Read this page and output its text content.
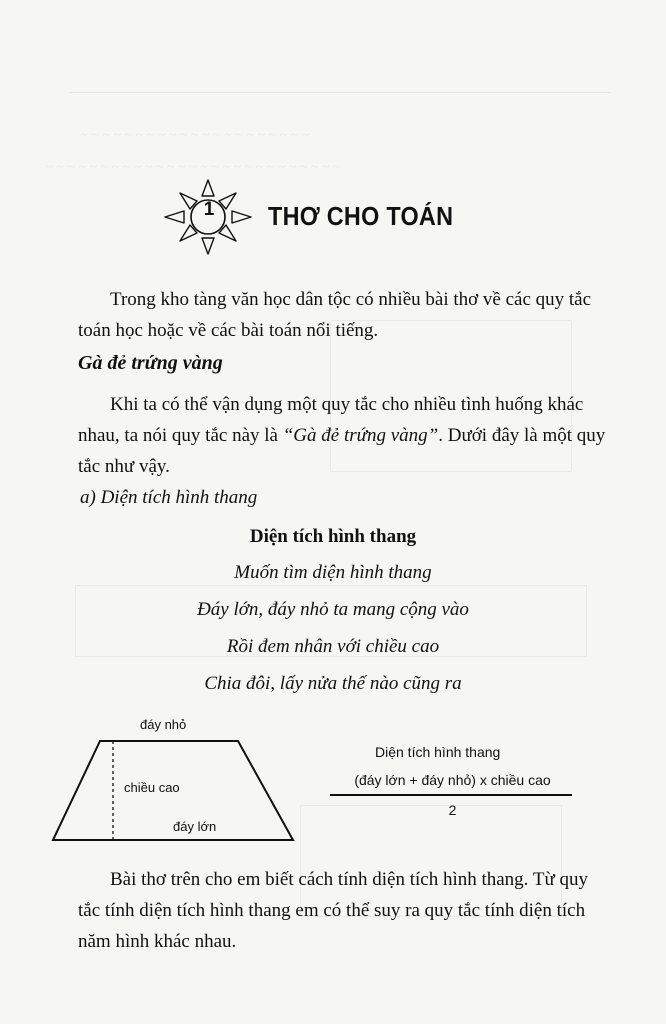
~ ~ ~ ~ ~ ~ ~ ~ ~ ~ ~ ~ ~ ~ ~ ~ ~ ~ ~ ~ ~
~ ~ ~ ~ ~ ~ ~ ~ ~ ~ ~ ~ ~ ~ ~ ~ ~ ~ ~ ~ ~ ~ ~ ~ ~ ~ ~
1	THƠ CHO TOÁN

Trong kho tàng văn học dân tộc có nhiều bài thơ về các quy tắc toán học hoặc về các bài toán nổi tiếng.

Gà đẻ trứng vàng

Khi ta có thể vận dụng một quy tắc cho nhiều tình huống khác nhau, ta nói quy tắc này là “Gà đẻ trứng vàng”. Dưới đây là một quy tắc như vậy.

a) Diện tích hình thang
Diện tích hình thang
Muốn tìm diện hình thang
Đáy lớn, đáy nhỏ ta mang cộng vào
Rồi đem nhân với chiều cao
Chia đôi, lấy nửa thế nào cũng ra
đáy nhỏ
chiều cao
đáy lớn
Diện tích hình thang
(đáy lớn + đáy nhỏ) x chiều cao
2

Bài thơ trên cho em biết cách tính diện tích hình thang. Từ quy tắc tính diện tích hình thang em có thể suy ra quy tắc tính diện tích năm hình khác nhau.
